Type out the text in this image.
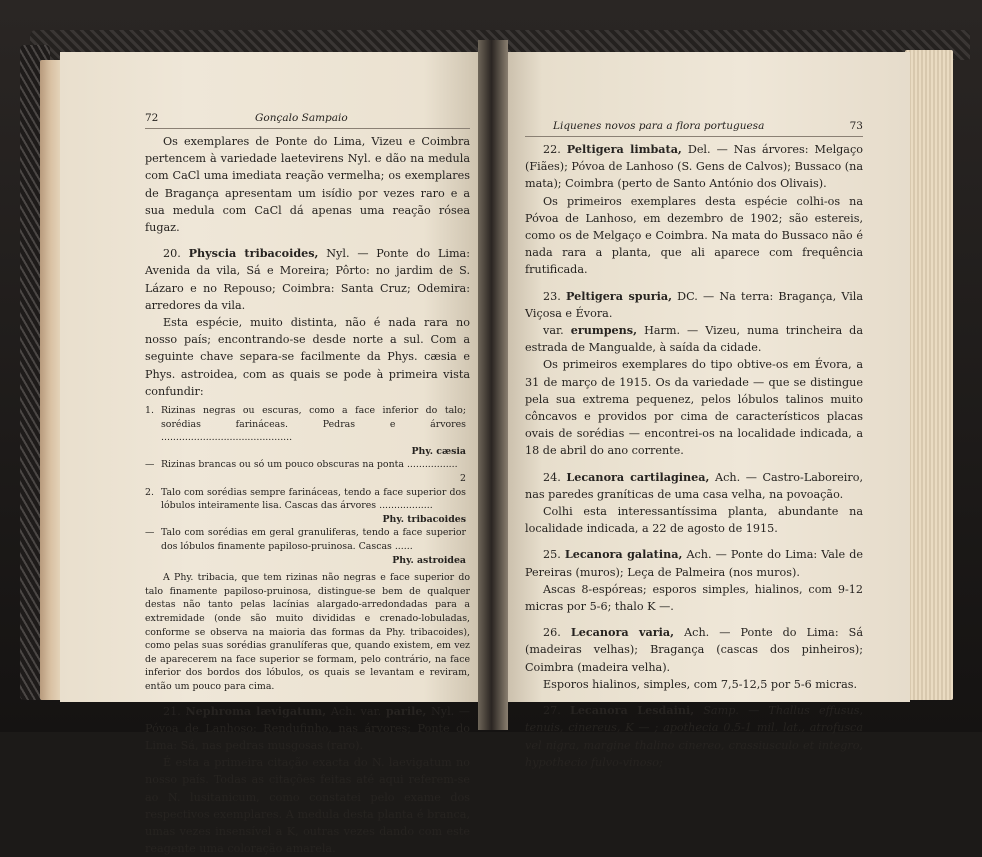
72	Gonçalo Sampaio

Os exemplares de Ponte do Lima, Vizeu e Coimbra pertencem à variedade laetevirens Nyl. e dão na medula com CaCl uma imediata reação vermelha; os exemplares de Bragança apresentam um isídio por vezes raro e a sua medula com CaCl dá apenas uma reação rósea fugaz.

20. Physcia tribacoides, Nyl. — Ponte do Lima: Avenida da vila, Sá e Moreira; Pôrto: no jardim de S. Lázaro e no Repouso; Coimbra: Santa Cruz; Odemira: arredores da vila.

Esta espécie, muito distinta, não é nada rara no nosso país; encontrando-se desde norte a sul. Com a seguinte chave separa-se facilmente da Phys. cæsia e Phys. astroidea, com as quais se pode à primeira vista confundir:

1. Rizinas negras ou escuras, como a face inferior do talo; sorédias farináceas. Pedras e árvores ............................................
Phy. cæsia
— Rizinas brancas ou só um pouco obscuras na ponta .................
2
2. Talo com sorédias sempre farináceas, tendo a face superior dos lóbulos inteiramente lisa. Cascas das árvores ..................
Phy. tribacoides
— Talo com sorédias em geral granuliferas, tendo a face superior dos lóbulos finamente papiloso-pruinosa. Cascas ......
Phy. astroidea

A Phy. tribacia, que tem rizinas não negras e face superior do talo finamente papiloso-pruinosa, distingue-se bem de qualquer destas não tanto pelas lacínias alargado-arredondadas para a extremidade (onde são muito divididas e crenado-lobuladas, conforme se observa na maioria das formas da Phy. tribacoides), como pelas suas sorédias granulíferas que, quando existem, em vez de aparecerem na face superior se formam, pelo contrário, na face inferior dos bordos dos lóbulos, os quais se levantam e reviram, então um pouco para cima.

21. Nephroma lævigatum, Ach. var. parile, Nyl. — Póvoa de Lanhoso: Rendufinho, nas árvores; Ponte do Lima: Sá, nas pedras musgosas (raro).

É esta a primeira citação exacta do N. laevigatum no nosso país. Todas as citações feitas até aqui referem-se ao N. lusitanicum, como constatei pelo exame dos respectivos exemplares. A medula desta planta é branca, umas vezes insensível a K, outras vezes dando com este reagente uma coloração amarela.

Liquenes novos para a flora portuguesa	73

22. Peltigera limbata, Del. — Nas árvores: Melgaço (Fiães); Póvoa de Lanhoso (S. Gens de Calvos); Bussaco (na mata); Coimbra (perto de Santo António dos Olivais).

Os primeiros exemplares desta espécie colhi-os na Póvoa de Lanhoso, em dezembro de 1902; são estereis, como os de Melgaço e Coimbra. Na mata do Bussaco não é nada rara a planta, que ali aparece com frequência frutificada.

23. Peltigera spuria, DC. — Na terra: Bragança, Vila Viçosa e Évora.

var. erumpens, Harm. — Vizeu, numa trincheira da estrada de Mangualde, à saída da cidade.

Os primeiros exemplares do tipo obtive-os em Évora, a 31 de março de 1915. Os da variedade — que se distingue pela sua extrema pequenez, pelos lóbulos talinos muito côncavos e providos por cima de característicos placas ovais de sorédias — encontrei-os na localidade indicada, a 18 de abril do ano corrente.

24. Lecanora cartilaginea, Ach. — Castro-Laboreiro, nas paredes graníticas de uma casa velha, na povoação.

Colhi esta interessantíssima planta, abundante na localidade indicada, a 22 de agosto de 1915.

25. Lecanora galatina, Ach. — Ponte do Lima: Vale de Pereiras (muros); Leça de Palmeira (nos muros).

Ascas 8-espóreas; esporos simples, hialinos, com 9-12 micras por 5-6; thalo K —.

26. Lecanora varia, Ach. — Ponte do Lima: Sá (madeiras velhas); Bragança (cascas dos pinheiros); Coimbra (madeira velha).

Esporos hialinos, simples, com 7,5-12,5 por 5-6 micras.

27. Lecanora Lesdaini, Samp. — Thallus effusus, tenuis, cinereus, K — ; apothecia 0.5-1 mil. lat., atrofusca vel nigra, margine thalino cinereo, crassiusculo et integro, hypothecio fulvo-vinoso;
